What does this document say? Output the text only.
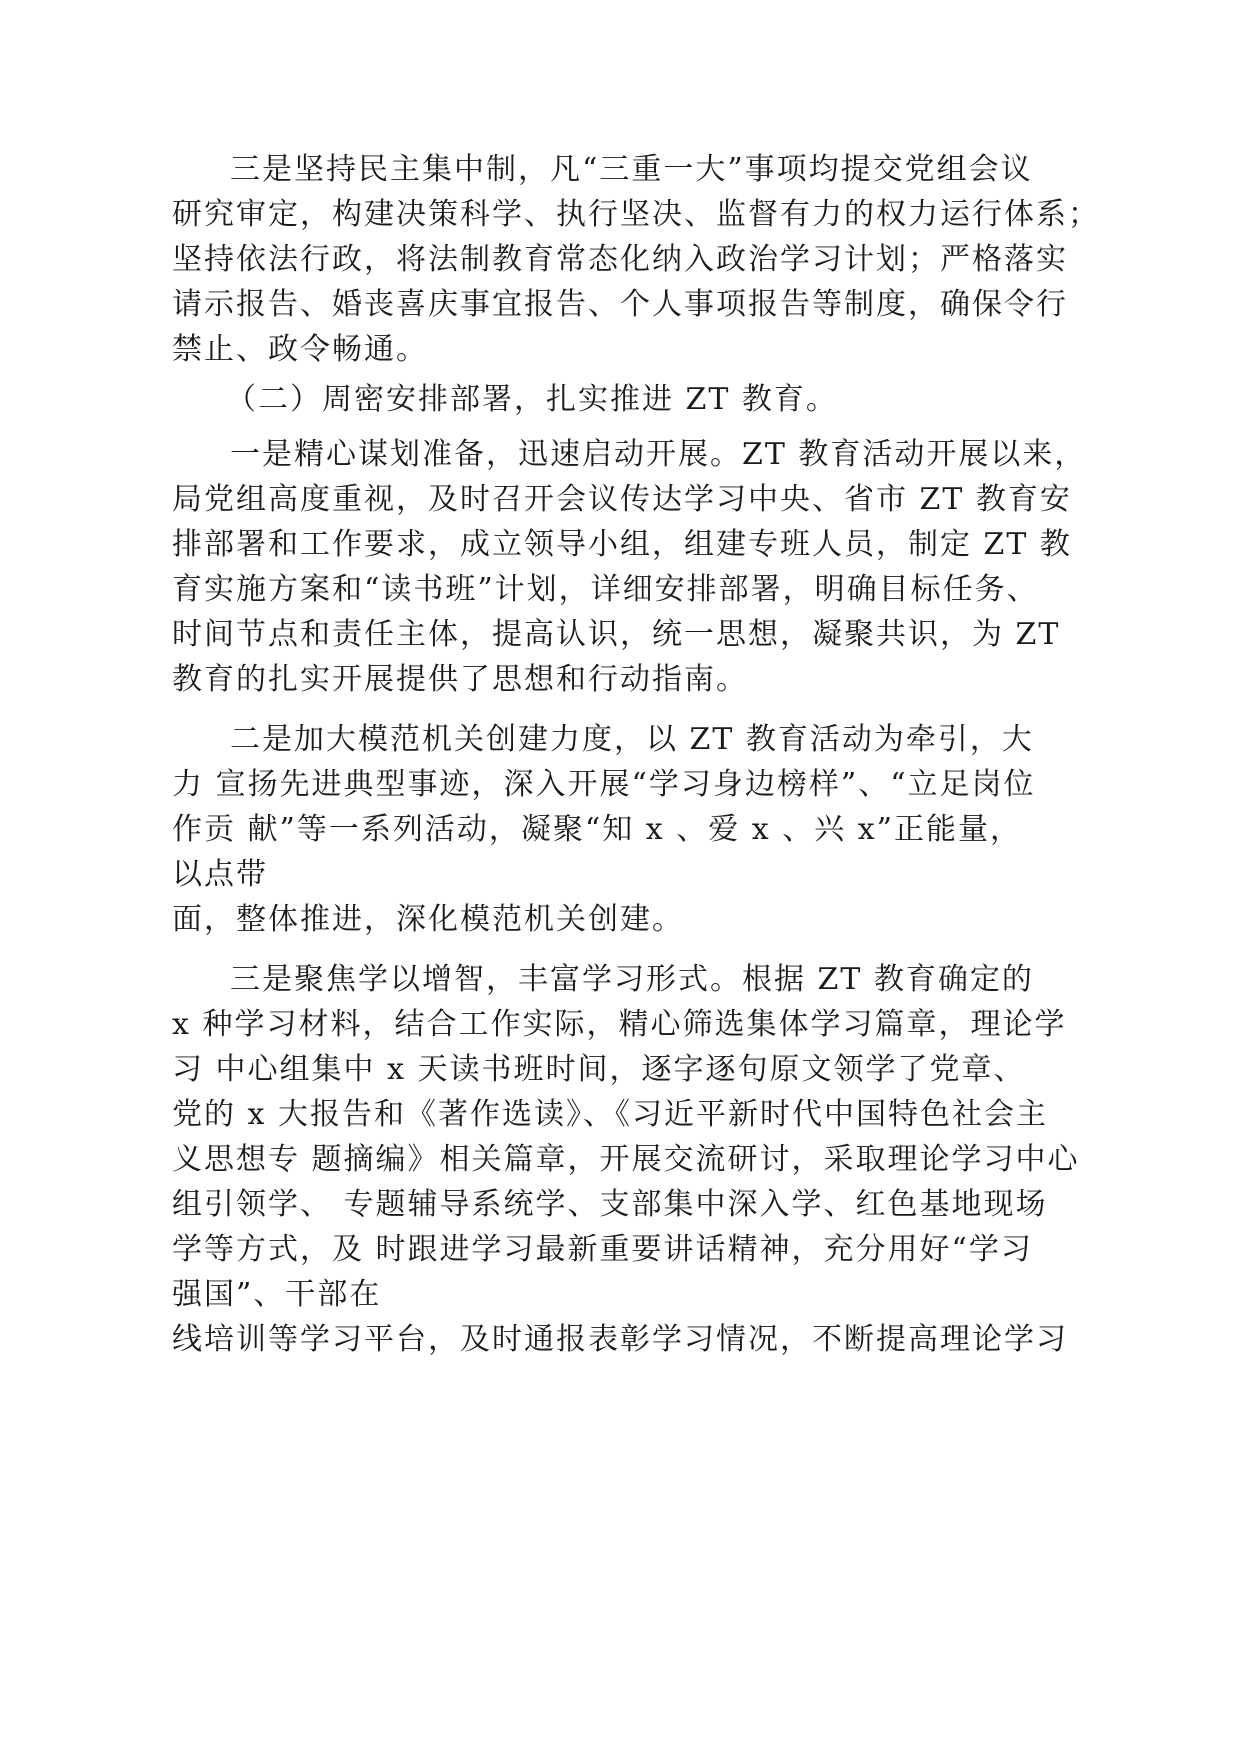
三是坚持民主集中制，凡“三重一大”事项均提交党组会议
研究审定，构建决策科学、执行坚决、监督有力的权力运行体系；
坚持依法行政，将法制教育常态化纳入政治学习计划；严格落实
请示报告、婚丧喜庆事宜报告、个人事项报告等制度，确保令行
禁止、政令畅通。
（二）周密安排部署，扎实推进 ZT 教育。
一是精心谋划准备，迅速启动开展。ZT 教育活动开展以来，
局党组高度重视，及时召开会议传达学习中央、省市 ZT 教育安
排部署和工作要求，成立领导小组，组建专班人员，制定 ZT 教
育实施方案和“读书班”计划，详细安排部署，明确目标任务、
时间节点和责任主体，提高认识，统一思想，凝聚共识，为 ZT
教育的扎实开展提供了思想和行动指南。
二是加大模范机关创建力度，以 ZT 教育活动为牵引，大
力 宣扬先进典型事迹，深入开展“学习身边榜样”、“立足岗位
作贡 献”等一系列活动，凝聚“知 x 、爱 x 、兴 x”正能量，
以点带
面，整体推进，深化模范机关创建。
三是聚焦学以增智，丰富学习形式。根据 ZT 教育确定的
x 种学习材料，结合工作实际，精心筛选集体学习篇章，理论学
习 中心组集中 x 天读书班时间，逐字逐句原文领学了党章、
党的 x 大报告和《著作选读》、《习近平新时代中国特色社会主
义思想专 题摘编》相关篇章，开展交流研讨，采取理论学习中心
组引领学、 专题辅导系统学、支部集中深入学、红色基地现场
学等方式，及 时跟进学习最新重要讲话精神，充分用好“学习
强国”、干部在
线培训等学习平台，及时通报表彰学习情况，不断提高理论学习
